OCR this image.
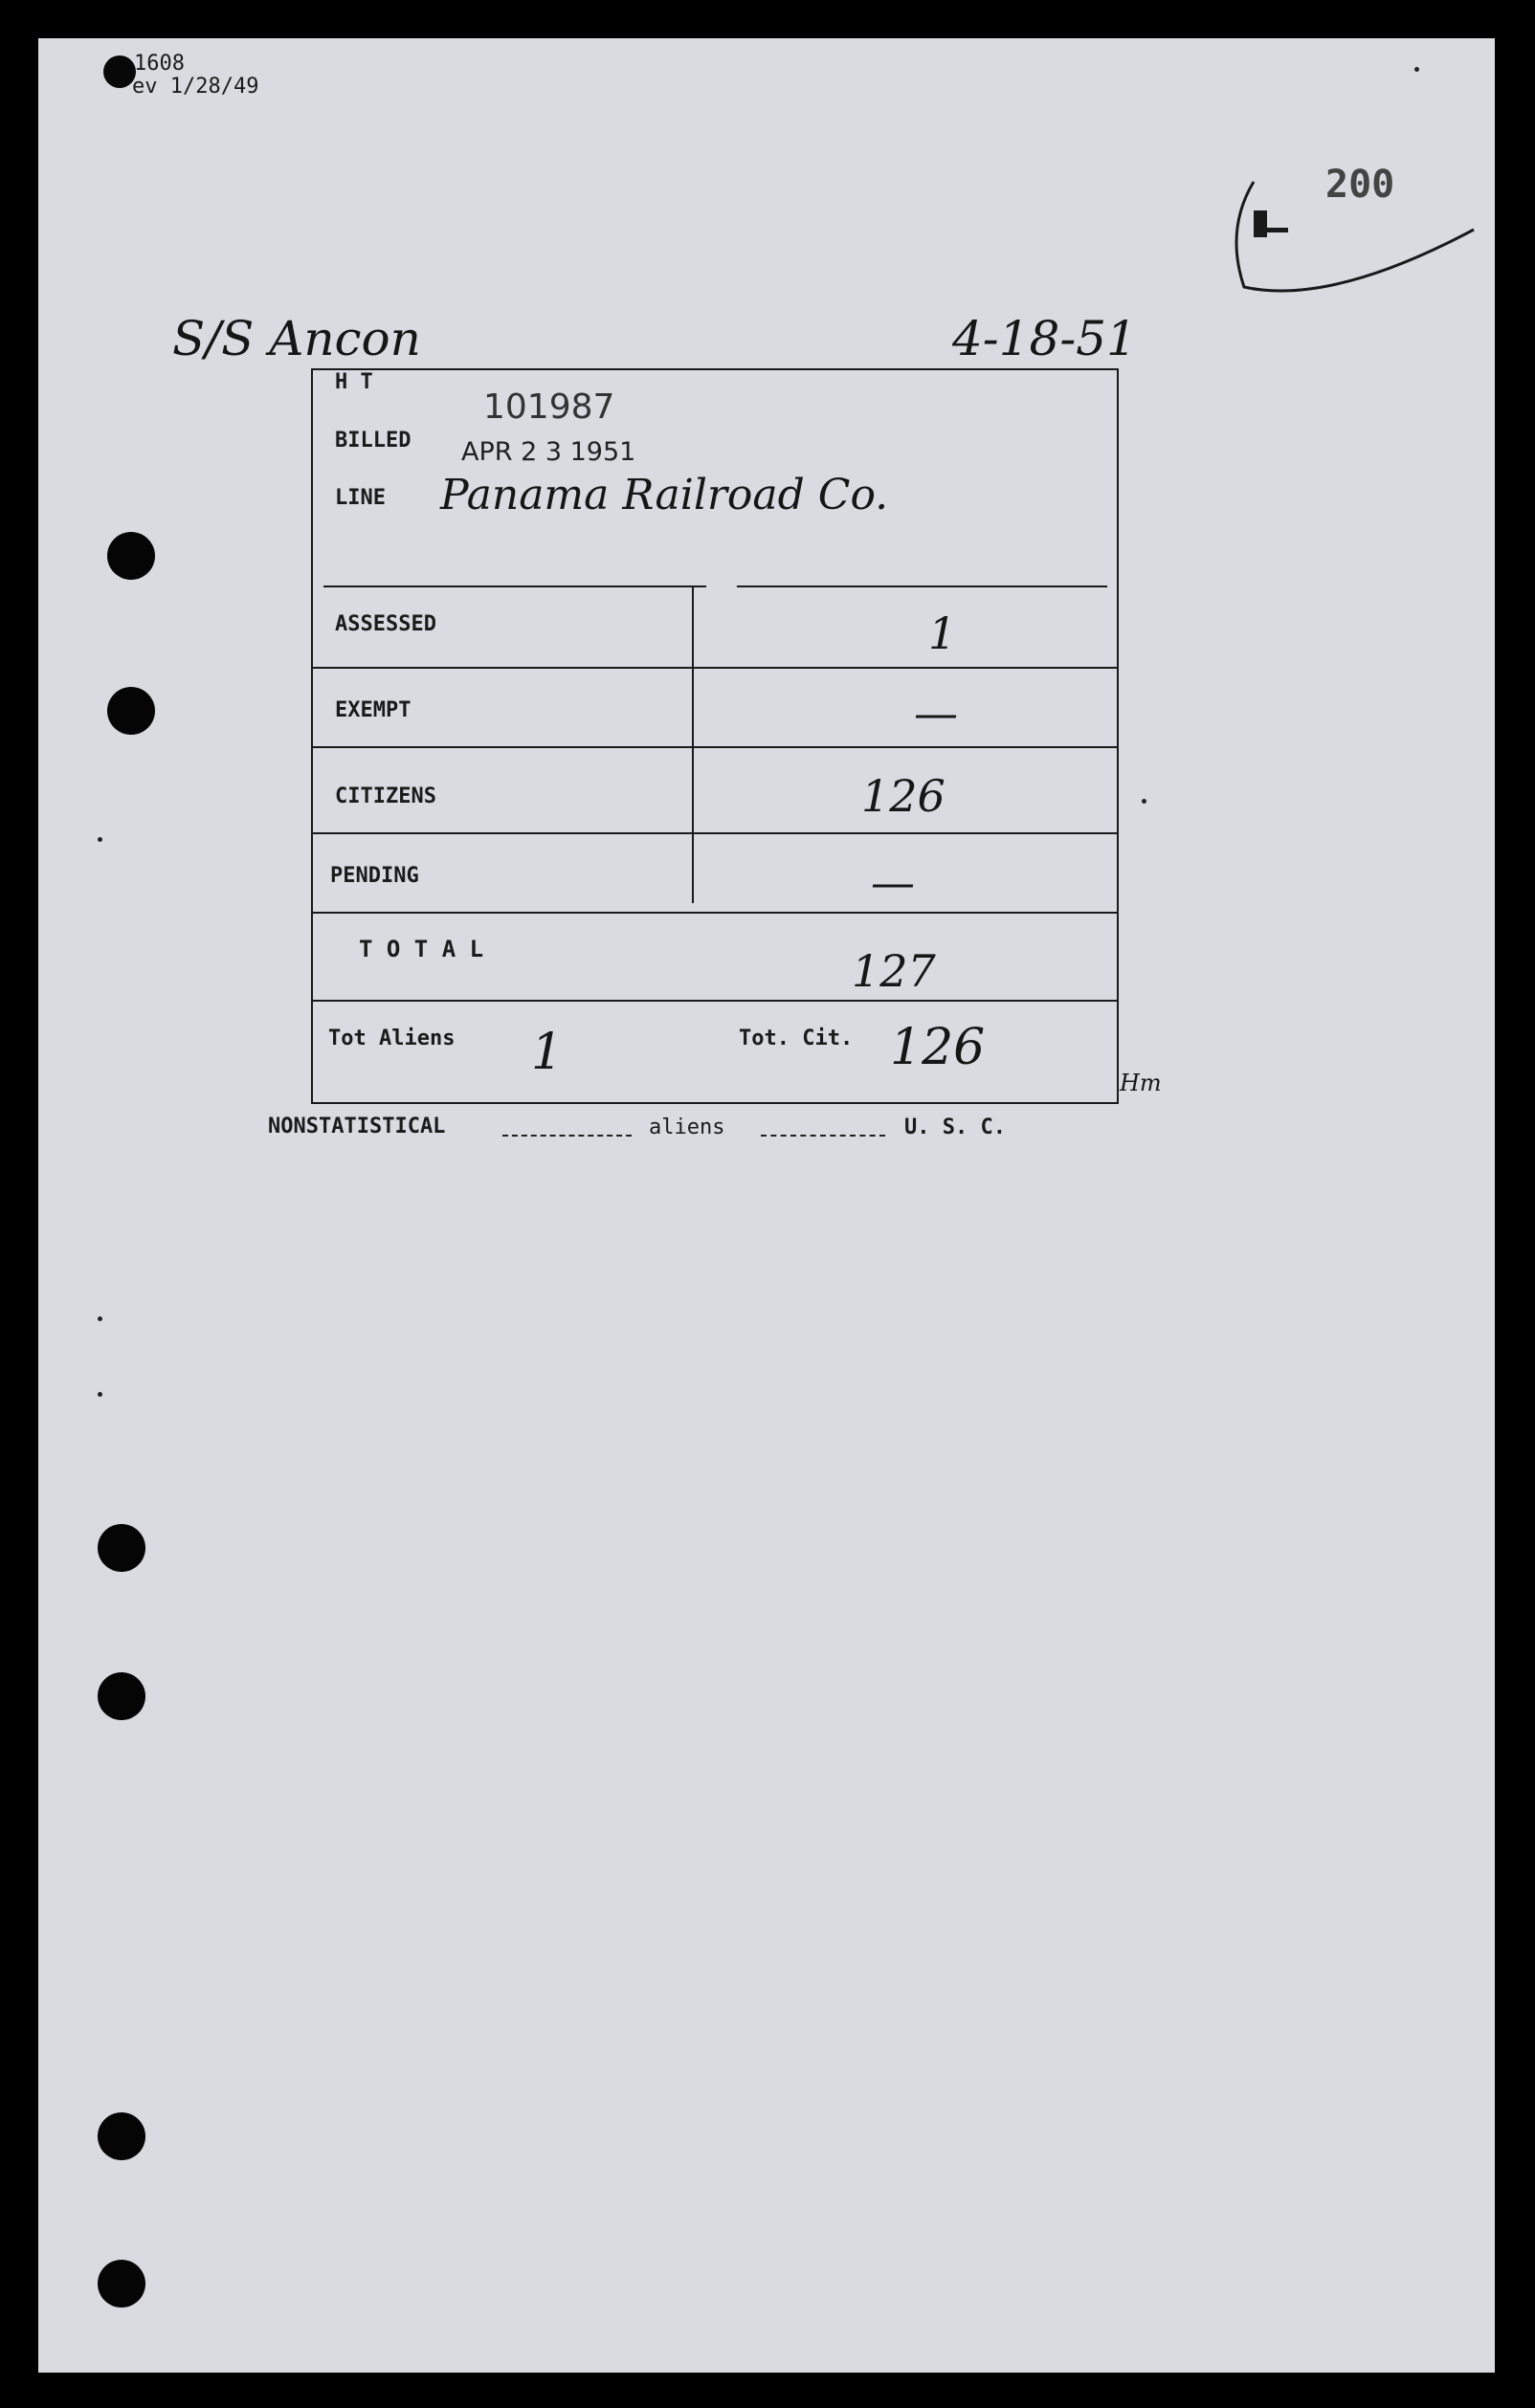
1608
ev 1/28/49
200
S/S Ancon	4-18-51
H T
101987
BILLED APR 2 3 1951
LINE Panama Railroad Co.
ASSESSED	1
EXEMPT	—
CITIZENS	126
PENDING	—
T O T A L	127
Tot Aliens 1	Tot. Cit. 126
Hm
NONSTATISTICAL	aliens	U. S. C.
